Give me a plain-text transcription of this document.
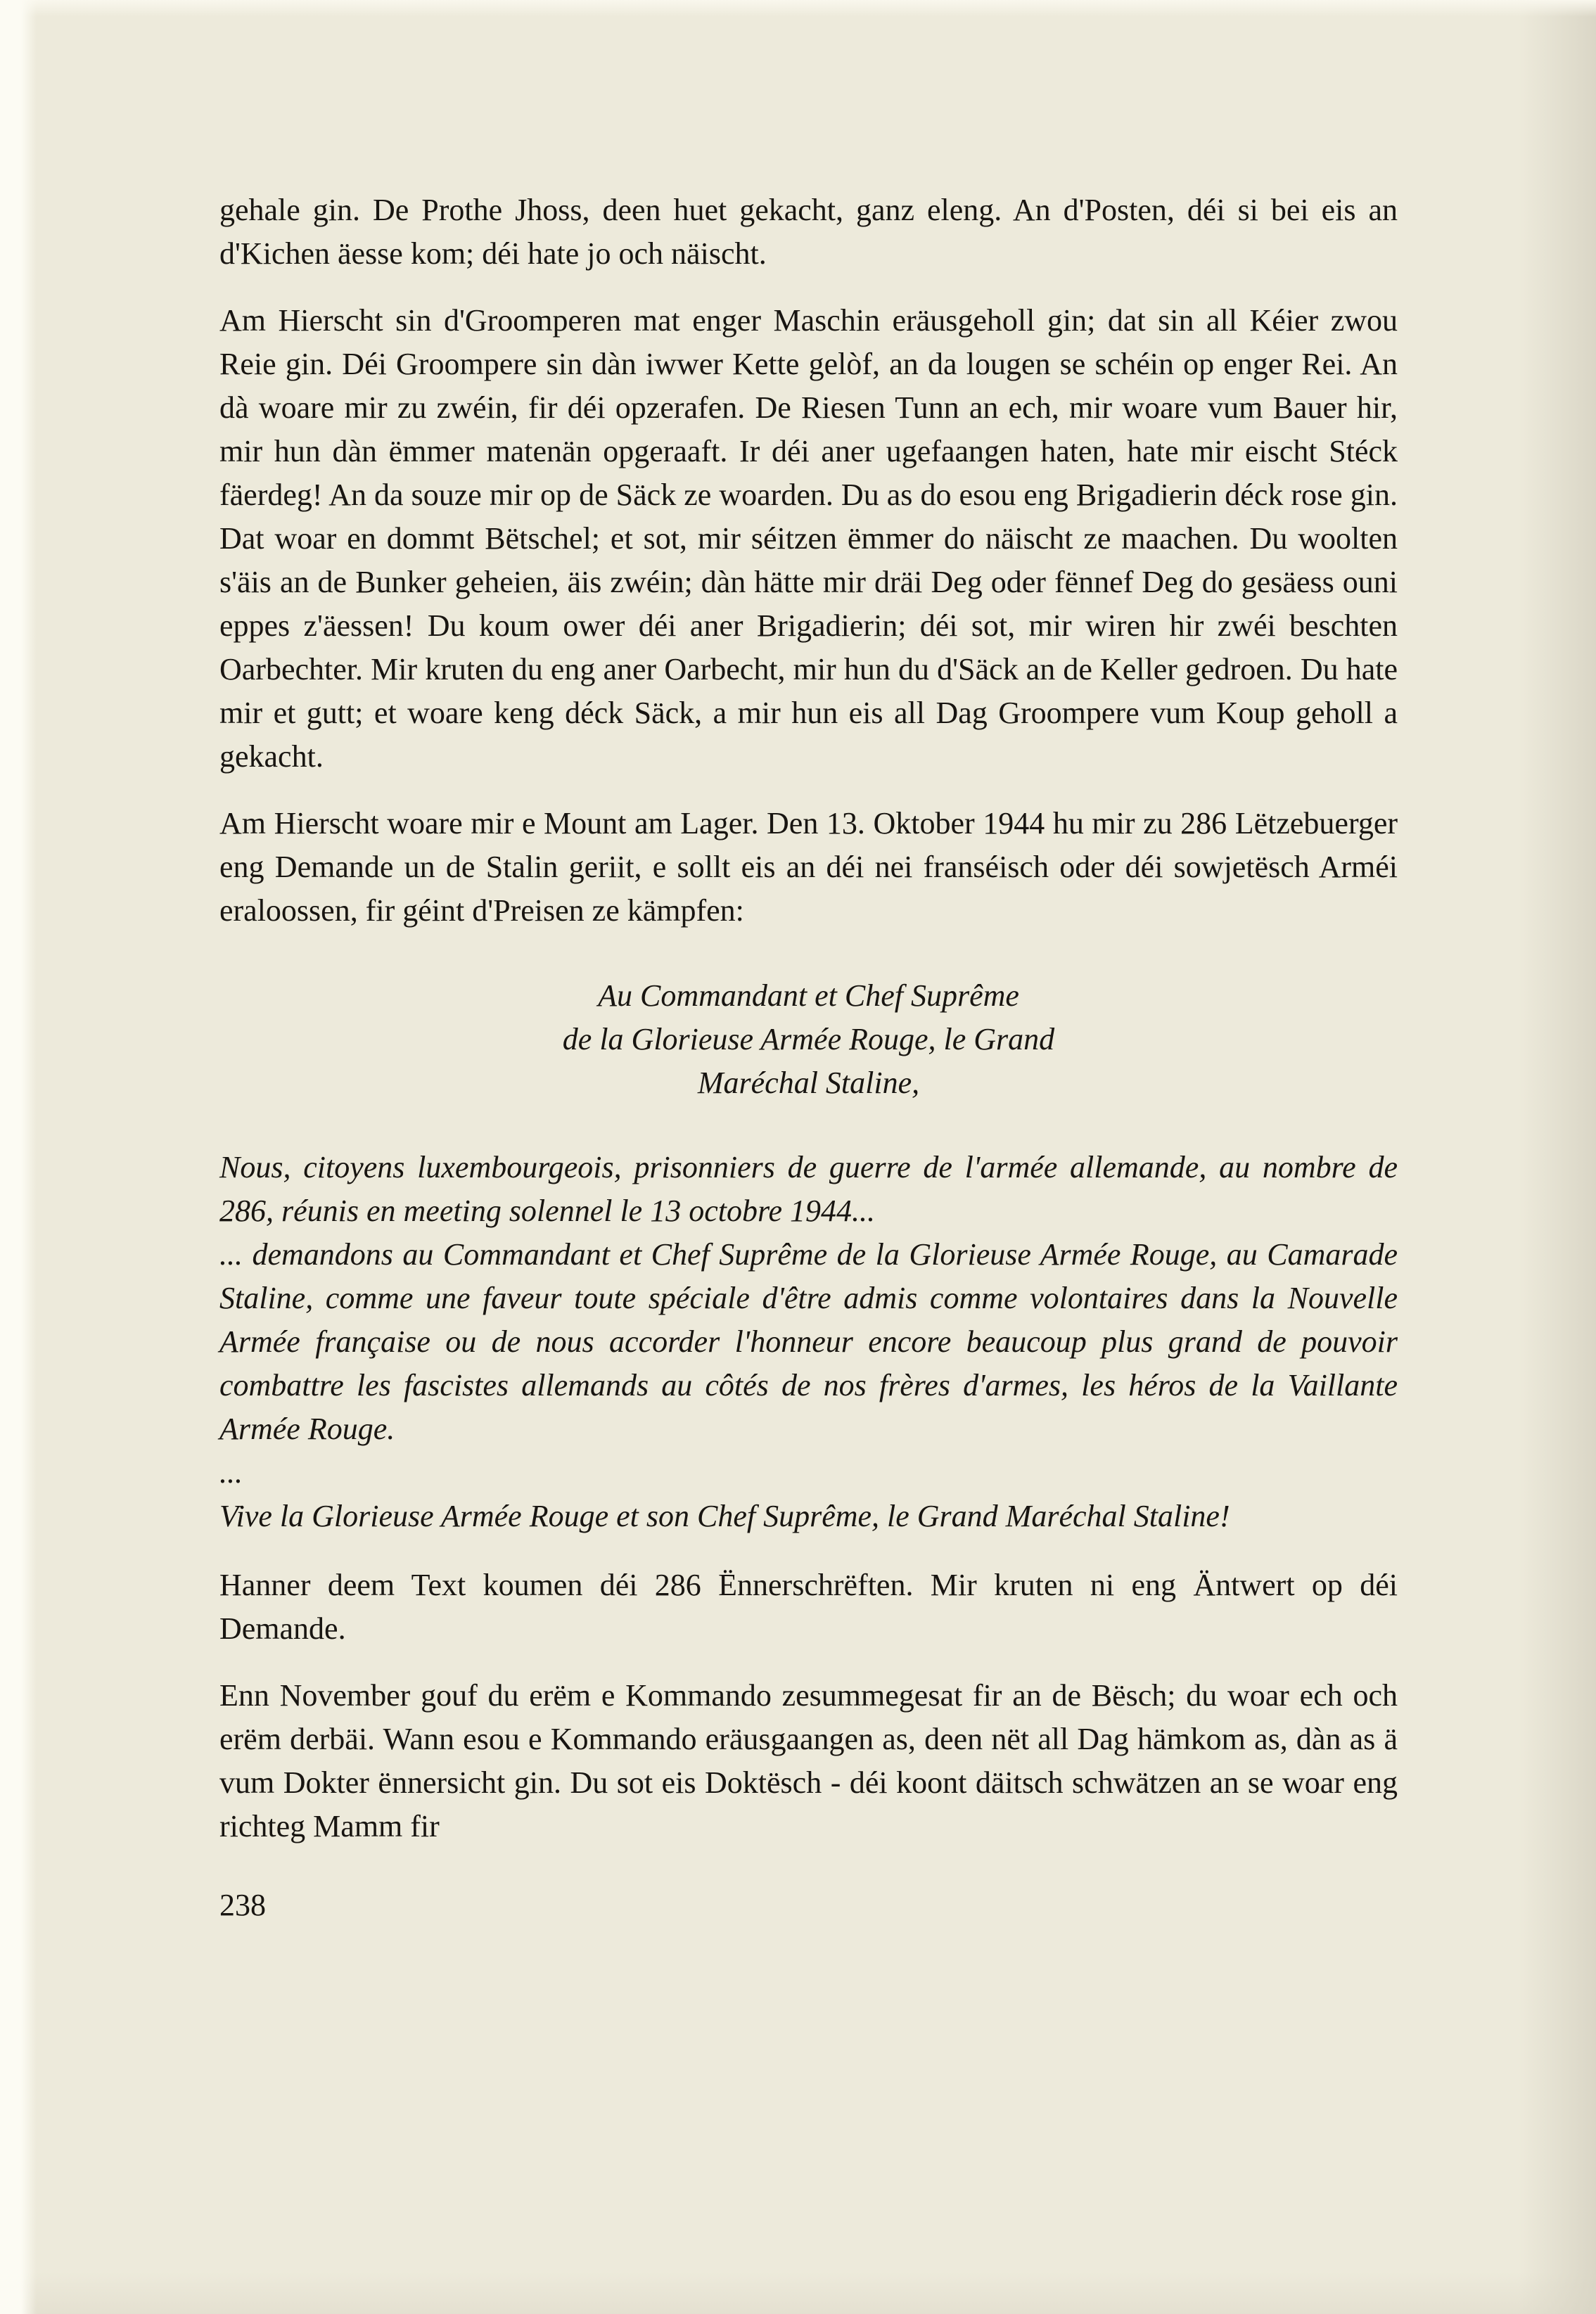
gehale gin. De Prothe Jhoss, deen huet gekacht, ganz eleng. An d'Posten, déi si bei eis an d'Kichen äesse kom; déi hate jo och näischt.

Am Hierscht sin d'Groomperen mat enger Maschin eräusgeholl gin; dat sin all Kéier zwou Reie gin. Déi Groompere sin dàn iwwer Kette gelòf, an da lougen se schéin op enger Rei. An dà woare mir zu zwéin, fir déi opzerafen. De Riesen Tunn an ech, mir woare vum Bauer hir, mir hun dàn ëmmer matenän opgeraaft. Ir déi aner ugefaangen haten, hate mir eischt Stéck fäerdeg! An da souze mir op de Säck ze woarden. Du as do esou eng Brigadierin déck rose gin. Dat woar en dommt Bëtschel; et sot, mir séitzen ëmmer do näischt ze maachen. Du woolten s'äis an de Bunker geheien, äis zwéin; dàn hätte mir dräi Deg oder fënnef Deg do gesäess ouni eppes z'äessen! Du koum ower déi aner Brigadierin; déi sot, mir wiren hir zwéi beschten Oarbechter. Mir kruten du eng aner Oarbecht, mir hun du d'Säck an de Keller gedroen. Du hate mir et gutt; et woare keng déck Säck, a mir hun eis all Dag Groompere vum Koup geholl a gekacht.

Am Hierscht woare mir e Mount am Lager. Den 13. Oktober 1944 hu mir zu 286 Lëtzebuerger eng Demande un de Stalin geriit, e sollt eis an déi nei franséisch oder déi sowjetësch Arméi eraloossen, fir géint d'Preisen ze kämpfen:

Au Commandant et Chef Suprême
de la Glorieuse Armée Rouge, le Grand
Maréchal Staline,

Nous, citoyens luxembourgeois, prisonniers de guerre de l'armée allemande, au nombre de 286, réunis en meeting solennel le 13 octobre 1944...

... demandons au Commandant et Chef Suprême de la Glorieuse Armée Rouge, au Camarade Staline, comme une faveur toute spéciale d'être admis comme volontaires dans la Nouvelle Armée française ou de nous accorder l'honneur encore beaucoup plus grand de pouvoir combattre les fascistes allemands au côtés de nos frères d'armes, les héros de la Vaillante Armée Rouge.

...

Vive la Glorieuse Armée Rouge et son Chef Suprême, le Grand Maréchal Staline!

Hanner deem Text koumen déi 286 Ënnerschrëften. Mir kruten ni eng Äntwert op déi Demande.

Enn November gouf du erëm e Kommando zesummegesat fir an de Bësch; du woar ech och erëm derbäi. Wann esou e Kommando eräusgaangen as, deen nët all Dag hämkom as, dàn as ä vum Dokter ënnersicht gin. Du sot eis Doktësch - déi koont däitsch schwätzen an se woar eng richteg Mamm fir

238
